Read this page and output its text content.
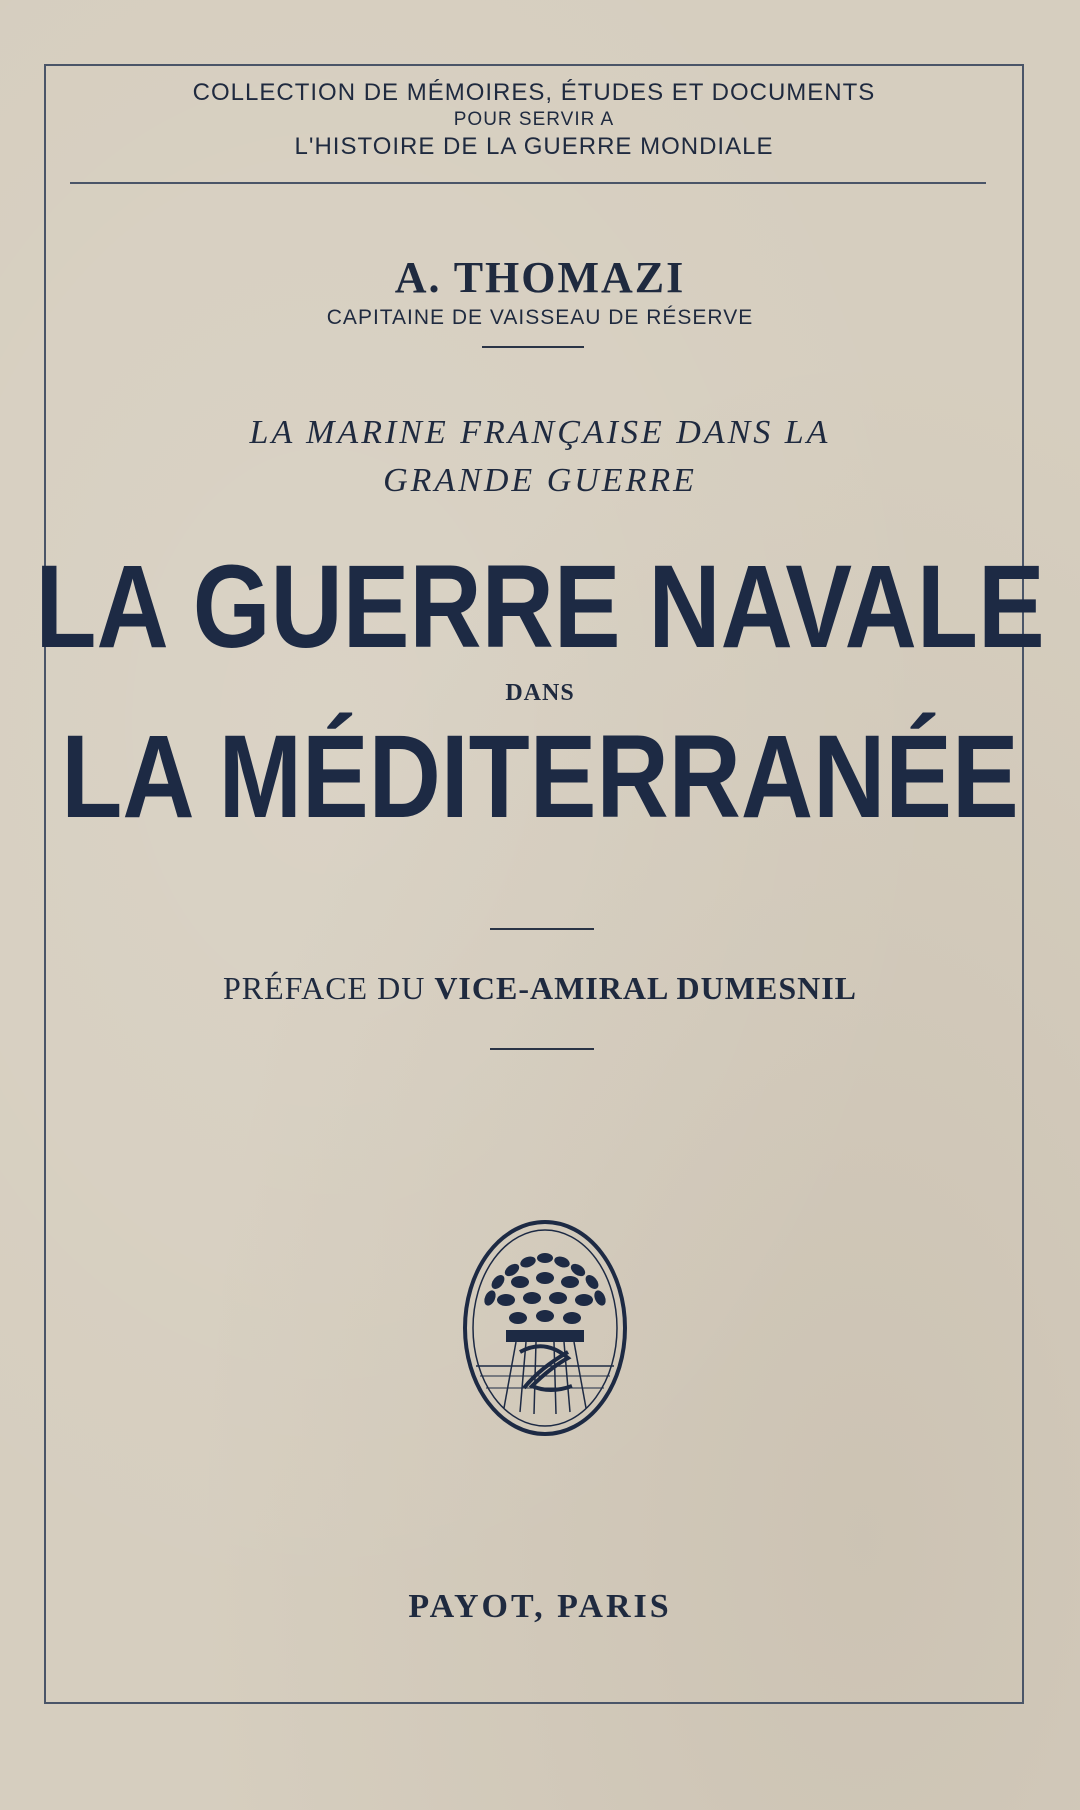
COLLECTION DE MÉMOIRES, ÉTUDES ET DOCUMENTS
POUR SERVIR A
L'HISTOIRE DE LA GUERRE MONDIALE
A. THOMAZI
CAPITAINE DE VAISSEAU DE RÉSERVE
LA MARINE FRANÇAISE DANS LA
GRANDE GUERRE
LA GUERRE NAVALE
DANS
LA MÉDITERRANÉE
PRÉFACE DU VICE-AMIRAL DUMESNIL
PAYOT, PARIS
